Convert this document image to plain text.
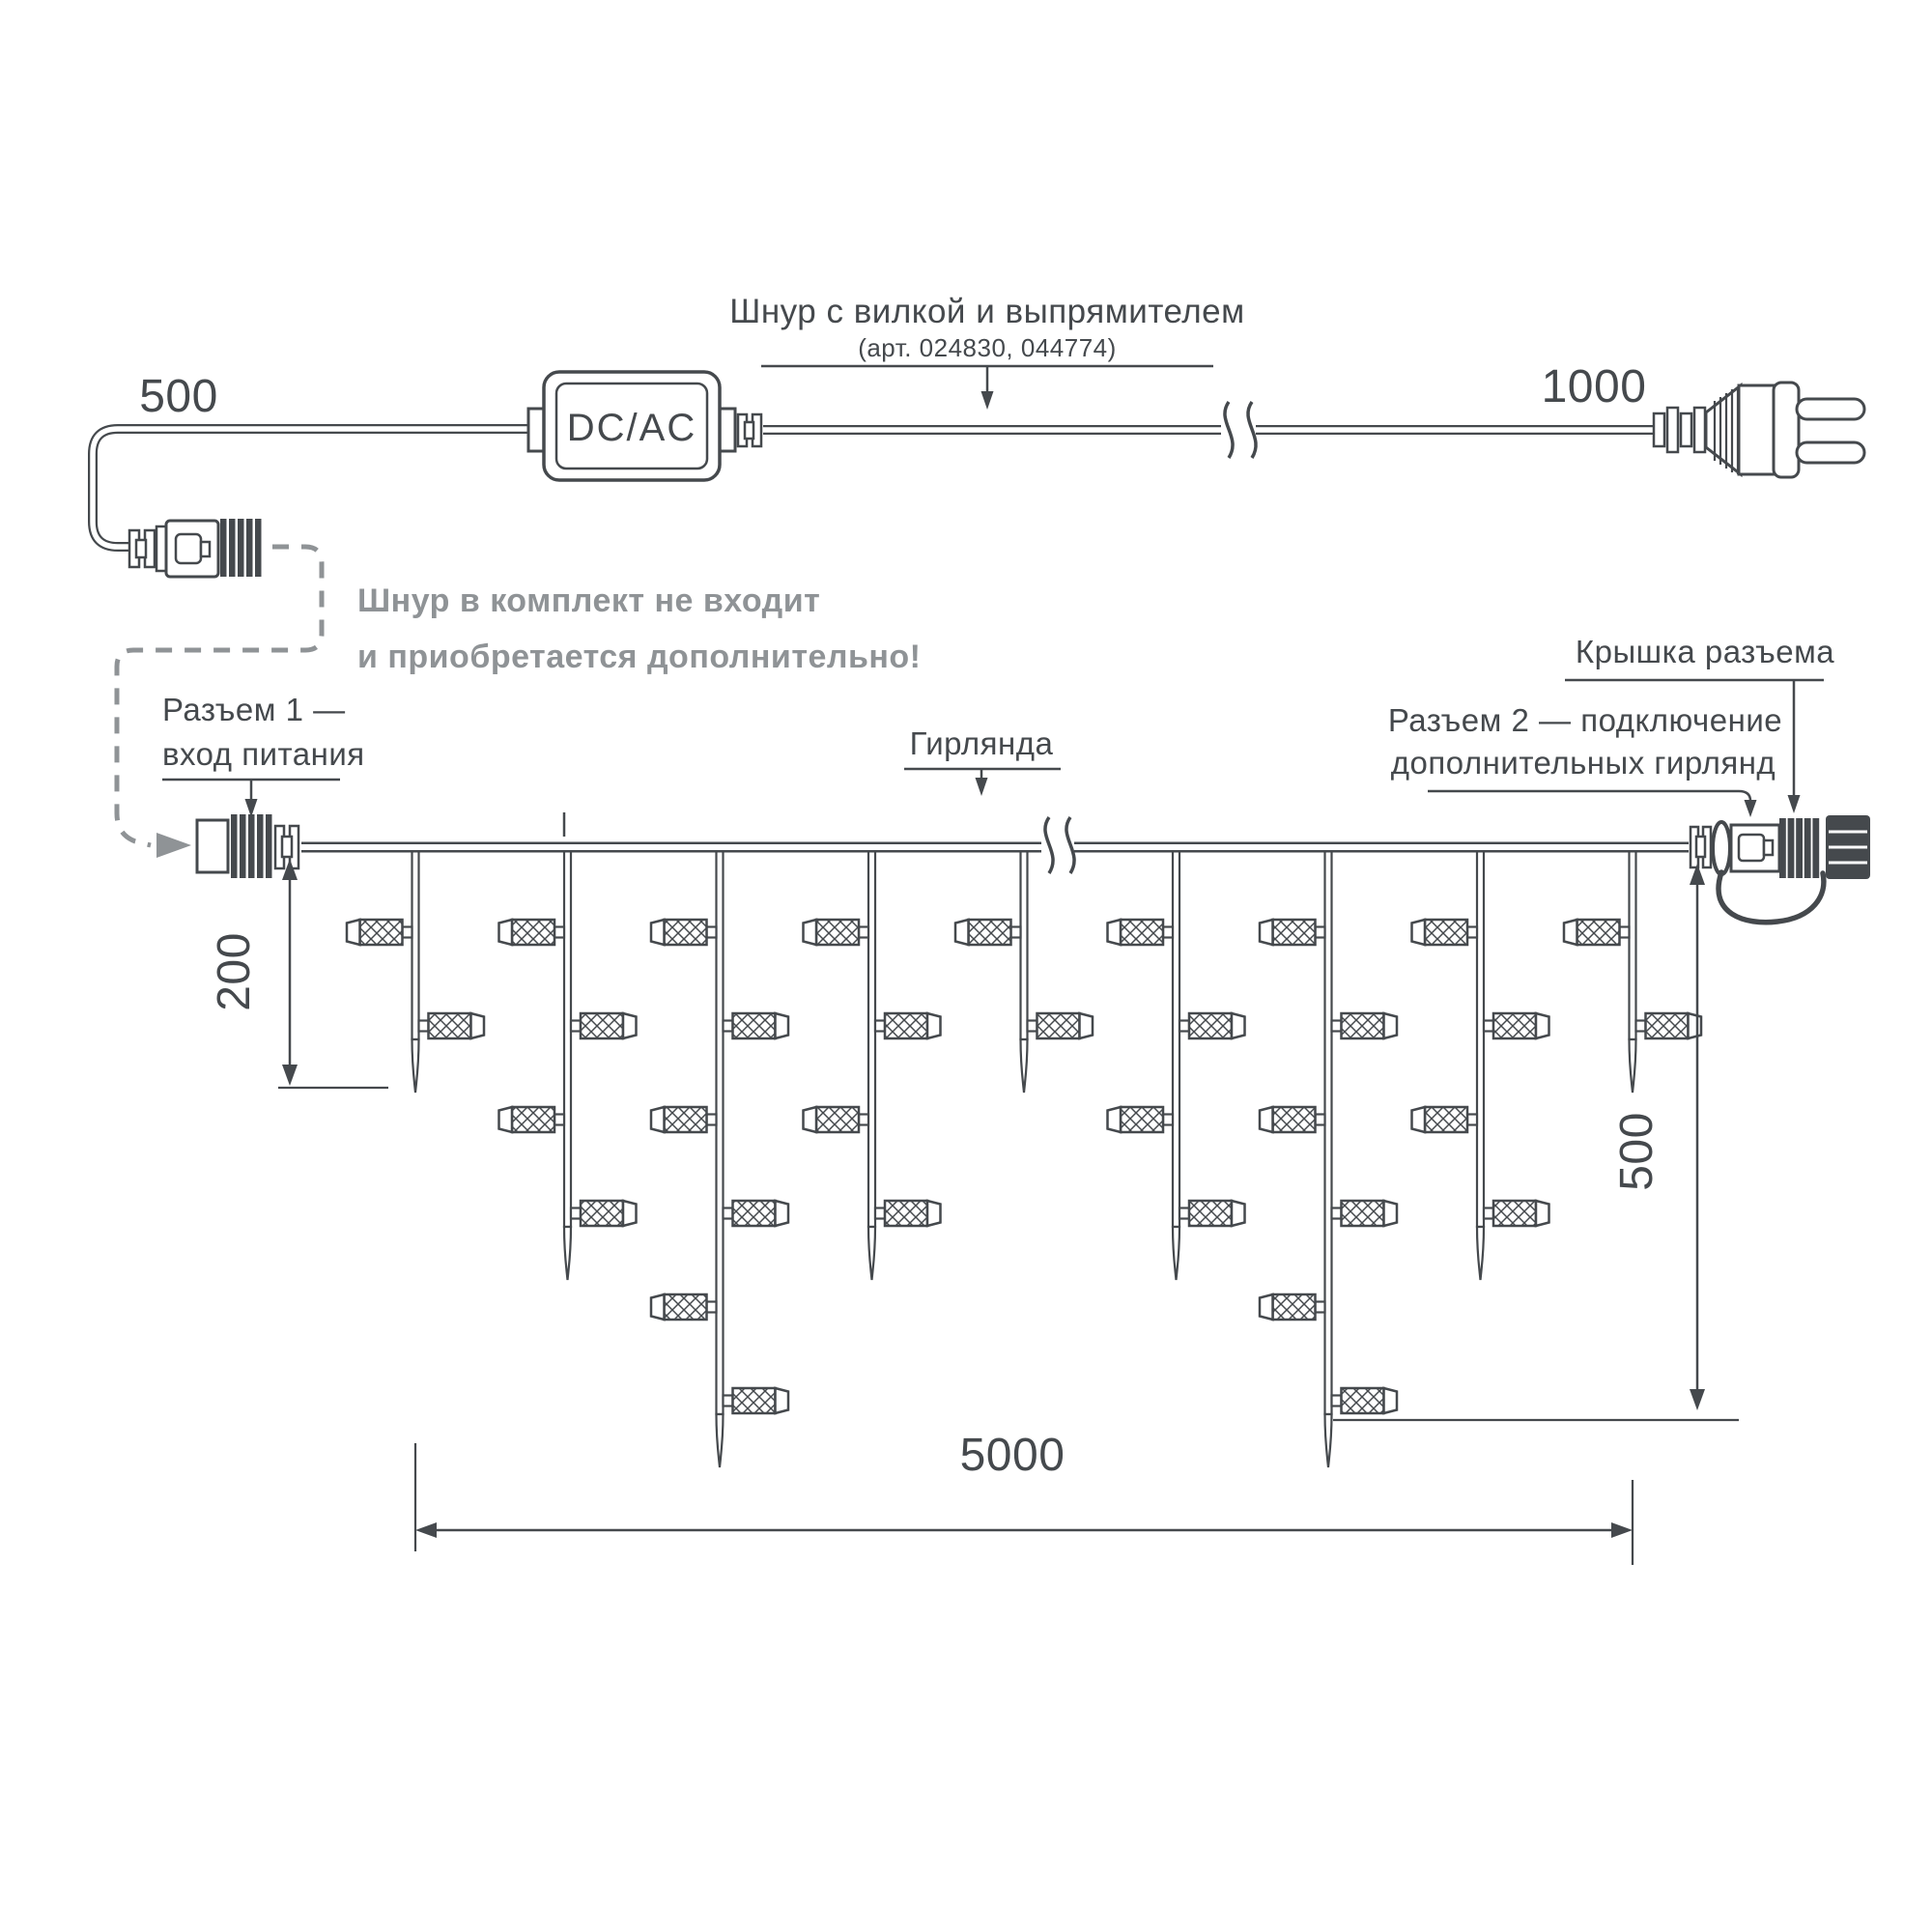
DC/AC
Шнур с вилкой и выпрямителем
(арт. 024830, 044774)
500	1000
Шнур в комплект не входит
и приобретается дополнительно!
Разъем 1 —
вход питания	Гирлянда
Крышка разъема
Разъем 2 — подключение
дополнительных гирлянд
200
500
5000
